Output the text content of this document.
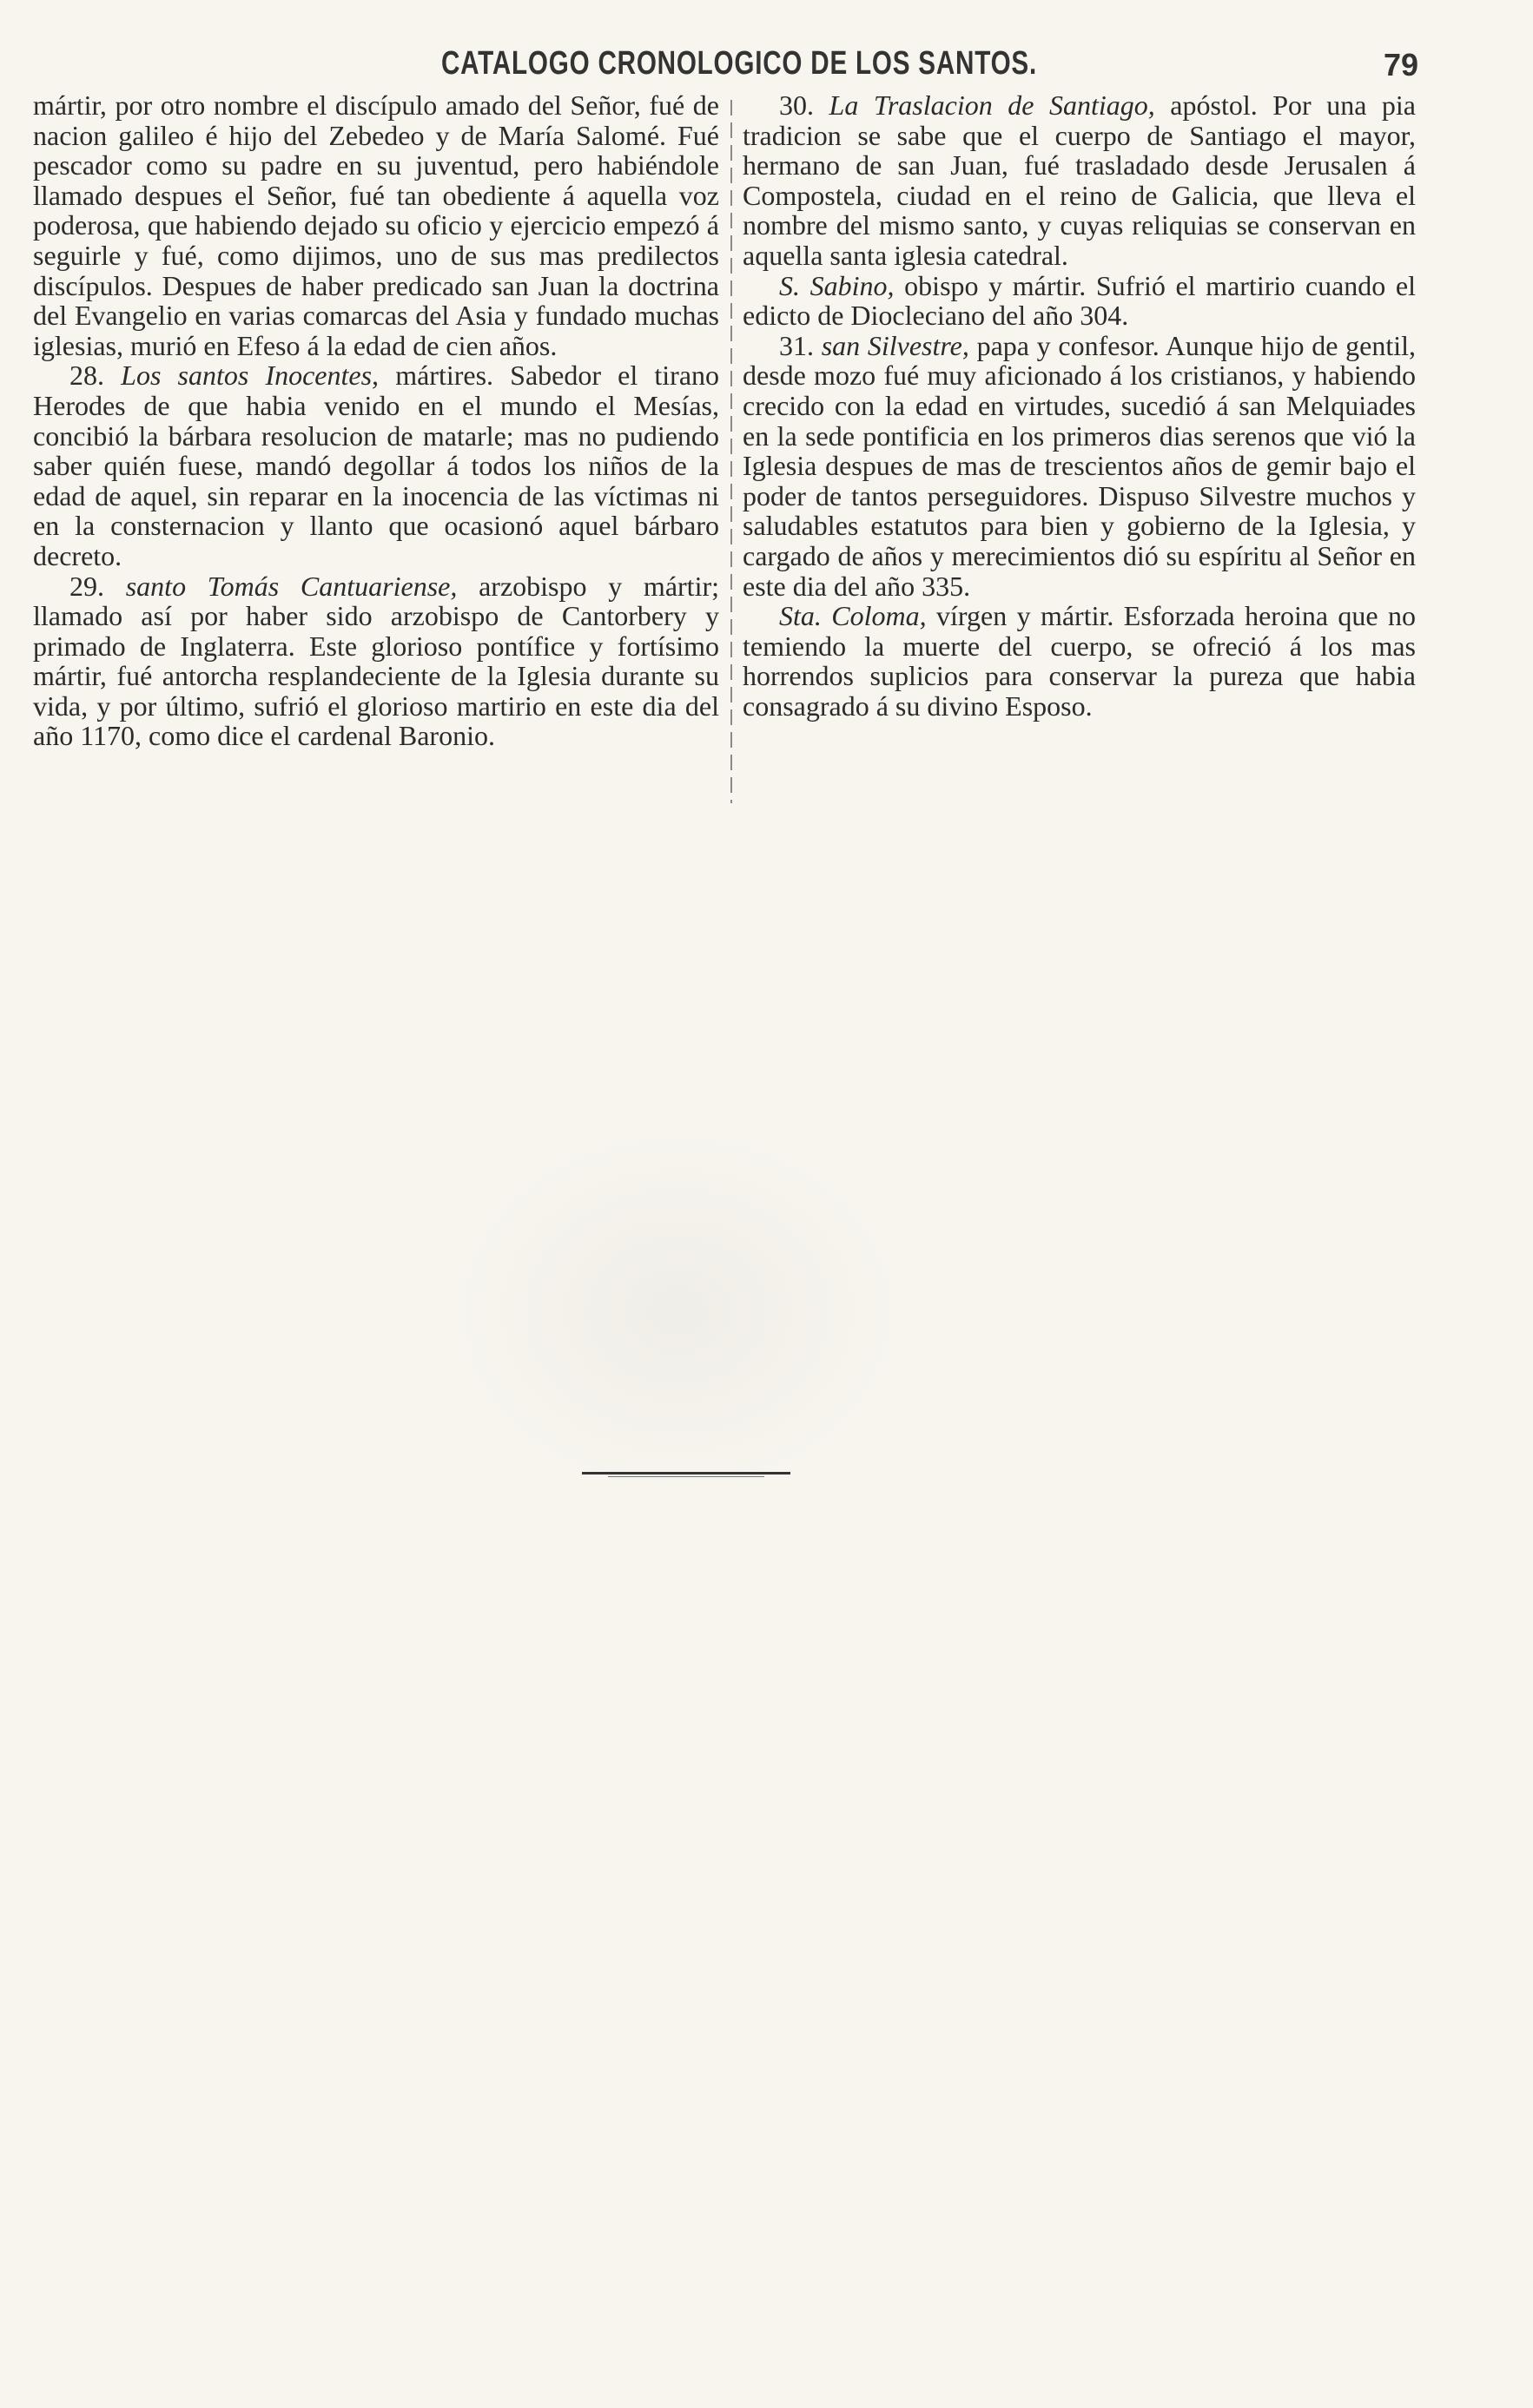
CATALOGO CRONOLOGICO DE LOS SANTOS.	79

mártir, por otro nombre el discípulo amado del Señor, fué de nacion galileo é hijo del Zebedeo y de María Salomé. Fué pescador como su padre en su juventud, pero habiéndole llamado despues el Señor, fué tan obediente á aquella voz poderosa, que habiendo dejado su oficio y ejercicio empezó á seguirle y fué, como dijimos, uno de sus mas predilectos discípulos. Despues de haber predicado san Juan la doctrina del Evangelio en varias comarcas del Asia y fundado muchas iglesias, murió en Efeso á la edad de cien años.

28. Los santos Inocentes, mártires. Sabedor el tirano Herodes de que habia venido en el mundo el Mesías, concibió la bárbara resolucion de matarle; mas no pudiendo saber quién fuese, mandó degollar á todos los niños de la edad de aquel, sin reparar en la inocencia de las víctimas ni en la consternacion y llanto que ocasionó aquel bárbaro decreto.

29. santo Tomás Cantuariense, arzobispo y mártir; llamado así por haber sido arzobispo de Cantorbery y primado de Inglaterra. Este glorioso pontífice y fortísimo mártir, fué antorcha resplandeciente de la Iglesia durante su vida, y por último, sufrió el glorioso martirio en este dia del año 1170, como dice el cardenal Baronio.

30. La Traslacion de Santiago, apóstol. Por una pia tradicion se sabe que el cuerpo de Santiago el mayor, hermano de san Juan, fué trasladado desde Jerusalen á Compostela, ciudad en el reino de Galicia, que lleva el nombre del mismo santo, y cuyas reliquias se conservan en aquella santa iglesia catedral.

S. Sabino, obispo y mártir. Sufrió el martirio cuando el edicto de Diocleciano del año 304.

31. san Silvestre, papa y confesor. Aunque hijo de gentil, desde mozo fué muy aficionado á los cristianos, y habiendo crecido con la edad en virtudes, sucedió á san Melquiades en la sede pontificia en los primeros dias serenos que vió la Iglesia despues de mas de trescientos años de gemir bajo el poder de tantos perseguidores. Dispuso Silvestre muchos y saludables estatutos para bien y gobierno de la Iglesia, y cargado de años y merecimientos dió su espíritu al Señor en este dia del año 335.

Sta. Coloma, vírgen y mártir. Esforzada heroina que no temiendo la muerte del cuerpo, se ofreció á los mas horrendos suplicios para conservar la pureza que habia consagrado á su divino Esposo.
